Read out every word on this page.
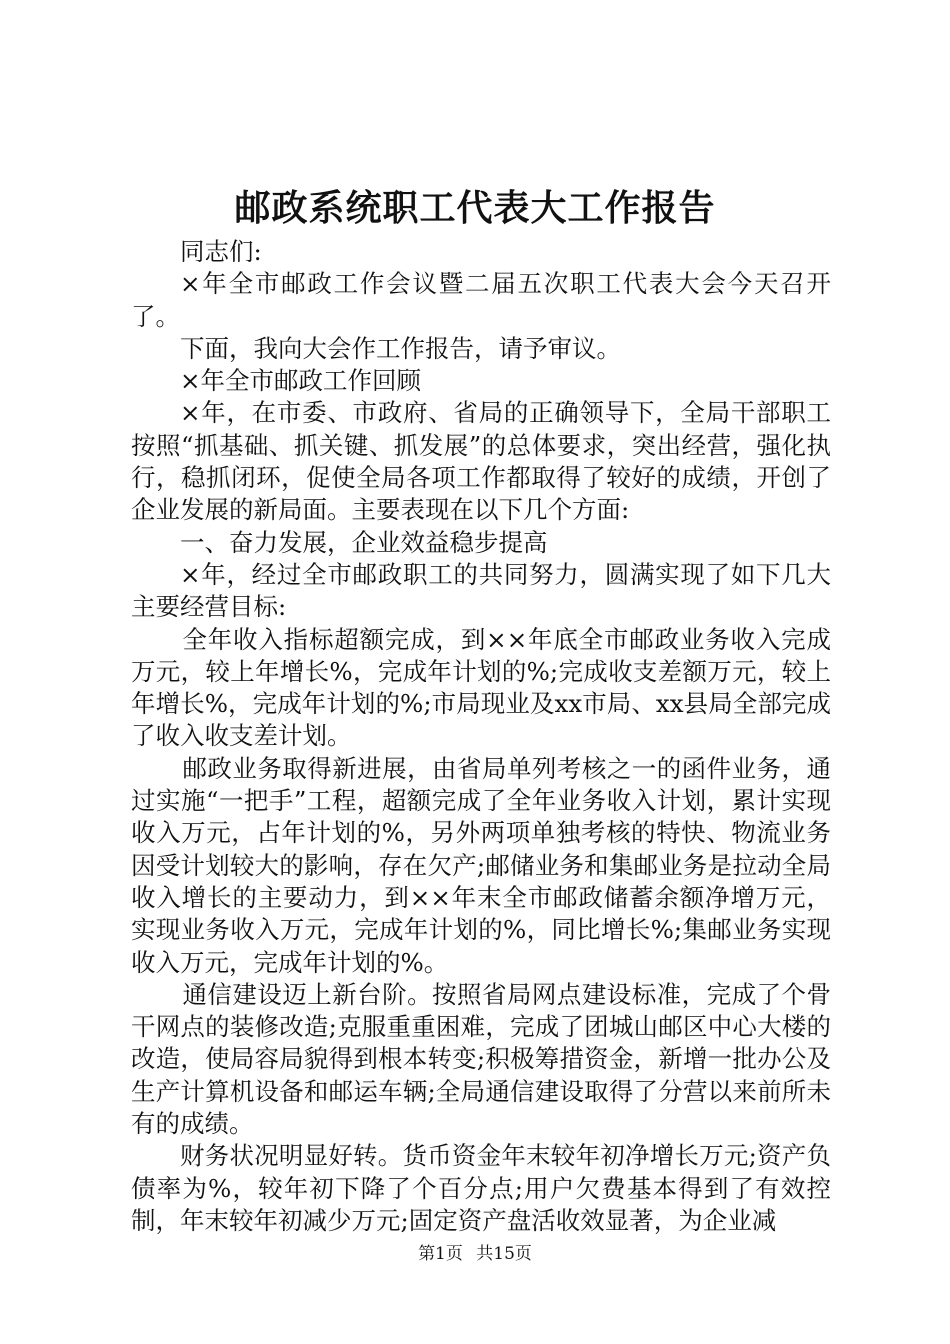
邮政系统职工代表大工作报告

同志们:

×年全市邮政工作会议暨二届五次职工代表大会今天召开了。

下面，我向大会作工作报告，请予审议。

×年全市邮政工作回顾

×年，在市委、市政府、省局的正确领导下，全局干部职工按照“抓基础、抓关键、抓发展”的总体要求，突出经营，强化执行，稳抓闭环，促使全局各项工作都取得了较好的成绩，开创了企业发展的新局面。主要表现在以下几个方面:

一、奋力发展，企业效益稳步提高

×年，经过全市邮政职工的共同努力，圆满实现了如下几大主要经营目标:

全年收入指标超额完成，到××年底全市邮政业务收入完成万元，较上年增长%，完成年计划的%;完成收支差额万元，较上年增长%，完成年计划的%;市局现业及xx市局、xx县局全部完成了收入收支差计划。

邮政业务取得新进展，由省局单列考核之一的函件业务，通过实施“一把手”工程，超额完成了全年业务收入计划，累计实现收入万元，占年计划的%，另外两项单独考核的特快、物流业务因受计划较大的影响，存在欠产;邮储业务和集邮业务是拉动全局收入增长的主要动力，到××年末全市邮政储蓄余额净增万元，实现业务收入万元，完成年计划的%，同比增长%;集邮业务实现收入万元，完成年计划的%。

通信建设迈上新台阶。按照省局网点建设标准，完成了个骨干网点的装修改造;克服重重困难，完成了团城山邮区中心大楼的改造，使局容局貌得到根本转变;积极筹措资金，新增一批办公及生产计算机设备和邮运车辆;全局通信建设取得了分营以来前所未有的成绩。

财务状况明显好转。货币资金年末较年初净增长万元;资产负债率为%，较年初下降了个百分点;用户欠费基本得到了有效控制，年末较年初减少万元;固定资产盘活收效显著，为企业减

第1页 共15页
